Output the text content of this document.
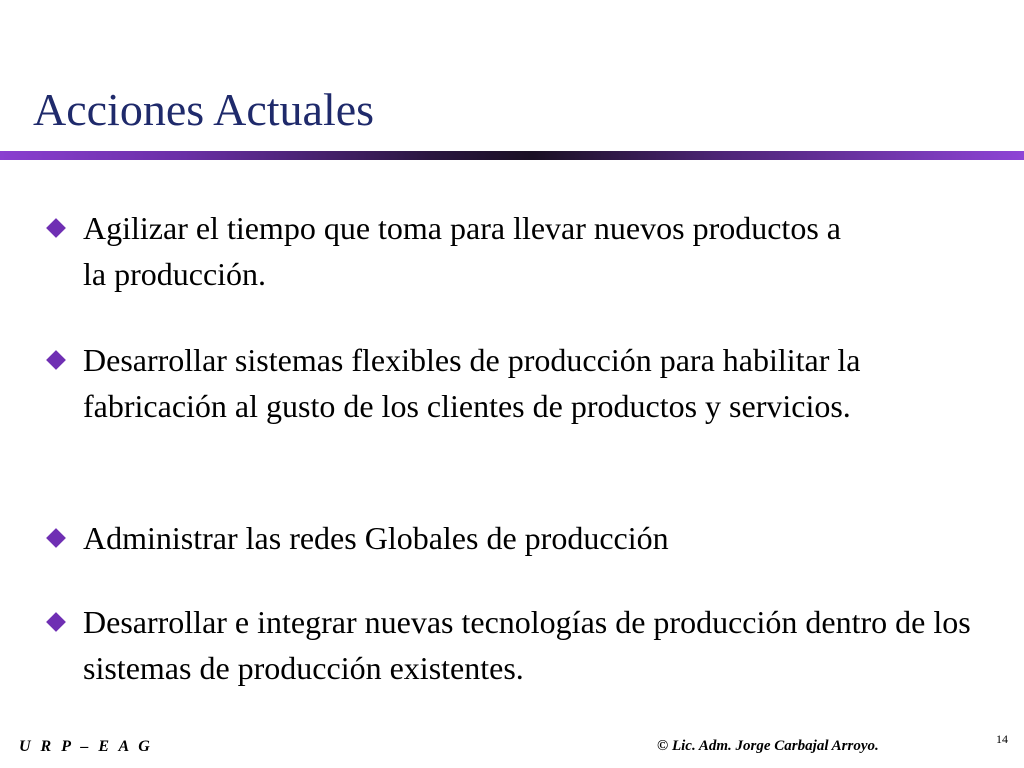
Acciones Actuales
Agilizar el tiempo que toma para llevar nuevos productos a la producción.
Desarrollar sistemas flexibles de producción para habilitar la fabricación al gusto de los clientes de productos y servicios.
Administrar las redes Globales de producción
Desarrollar e integrar nuevas tecnologías de producción dentro de los sistemas de producción existentes.
U R P – E A G	© Lic. Adm. Jorge Carbajal Arroyo.	14
